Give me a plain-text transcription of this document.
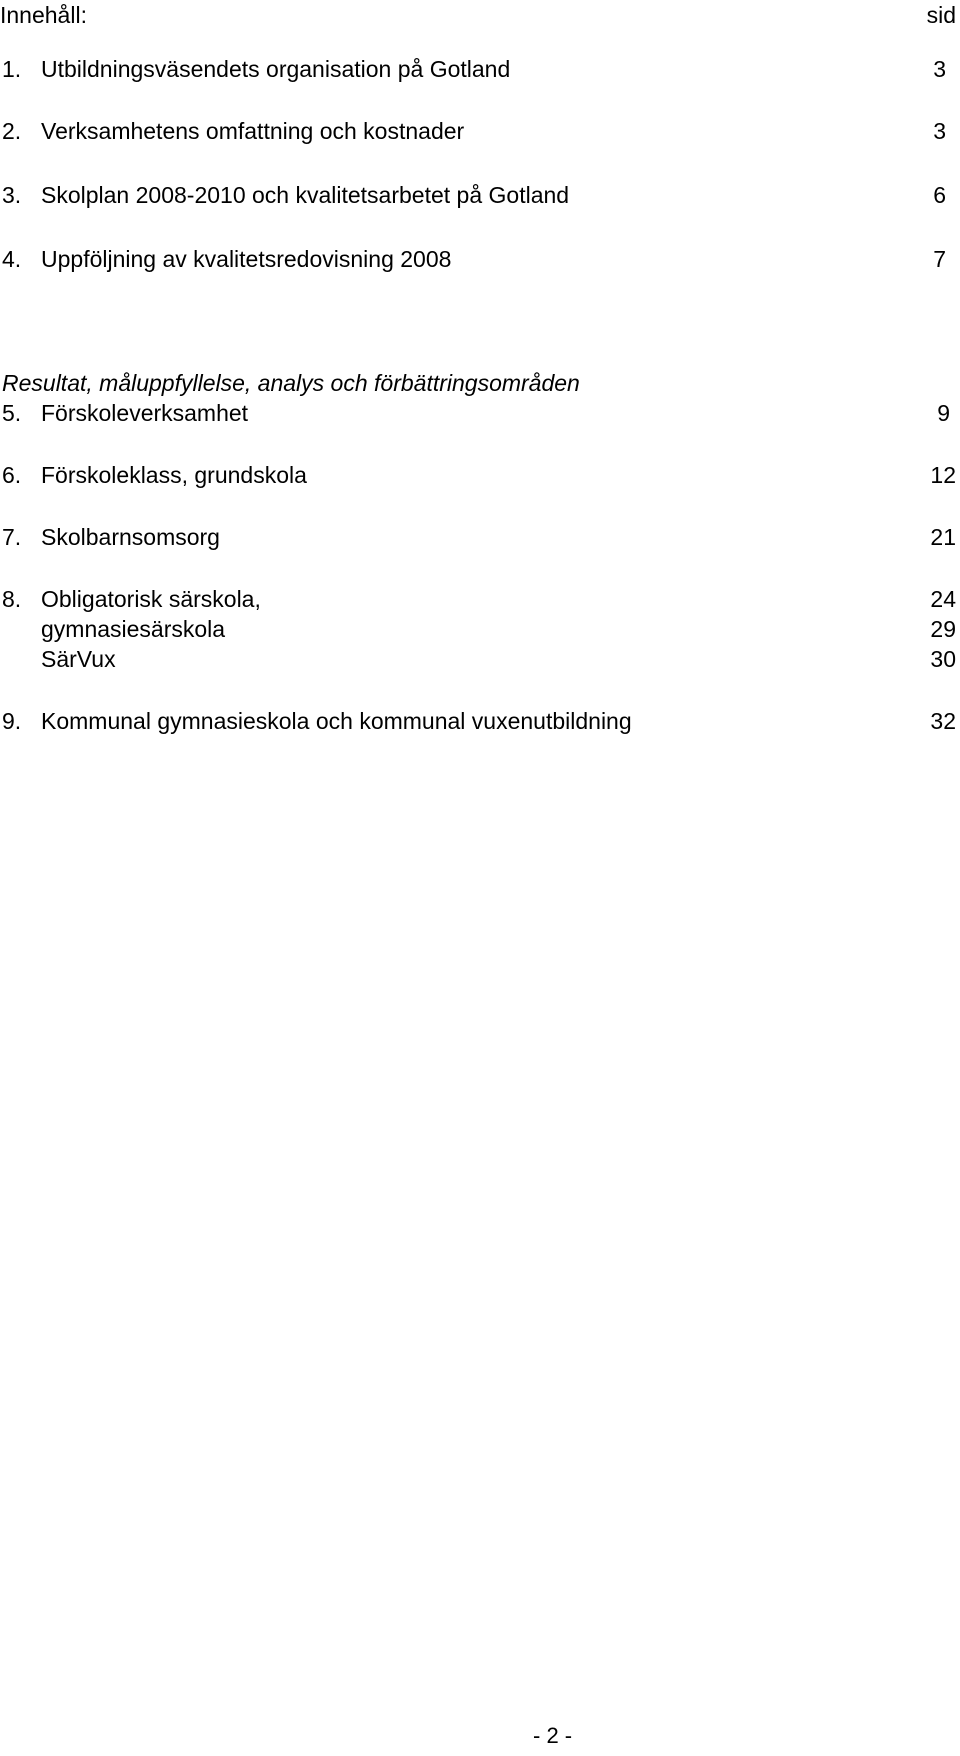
Innehåll:	sid
1. Utbildningsväsendets organisation på Gotland	3
2. Verksamhetens omfattning och kostnader	3
3. Skolplan 2008-2010 och kvalitetsarbetet på Gotland	6
4. Uppföljning av kvalitetsredovisning 2008	7
Resultat, måluppfyllelse, analys och förbättringsområden
5. Förskoleverksamhet	9
6. Förskoleklass, grundskola	12
7. Skolbarnsomsorg	21
8. Obligatorisk särskola,	24
gymnasiesärskola	29
SärVux	30
9. Kommunal gymnasieskola och kommunal vuxenutbildning	32
- 2 -
